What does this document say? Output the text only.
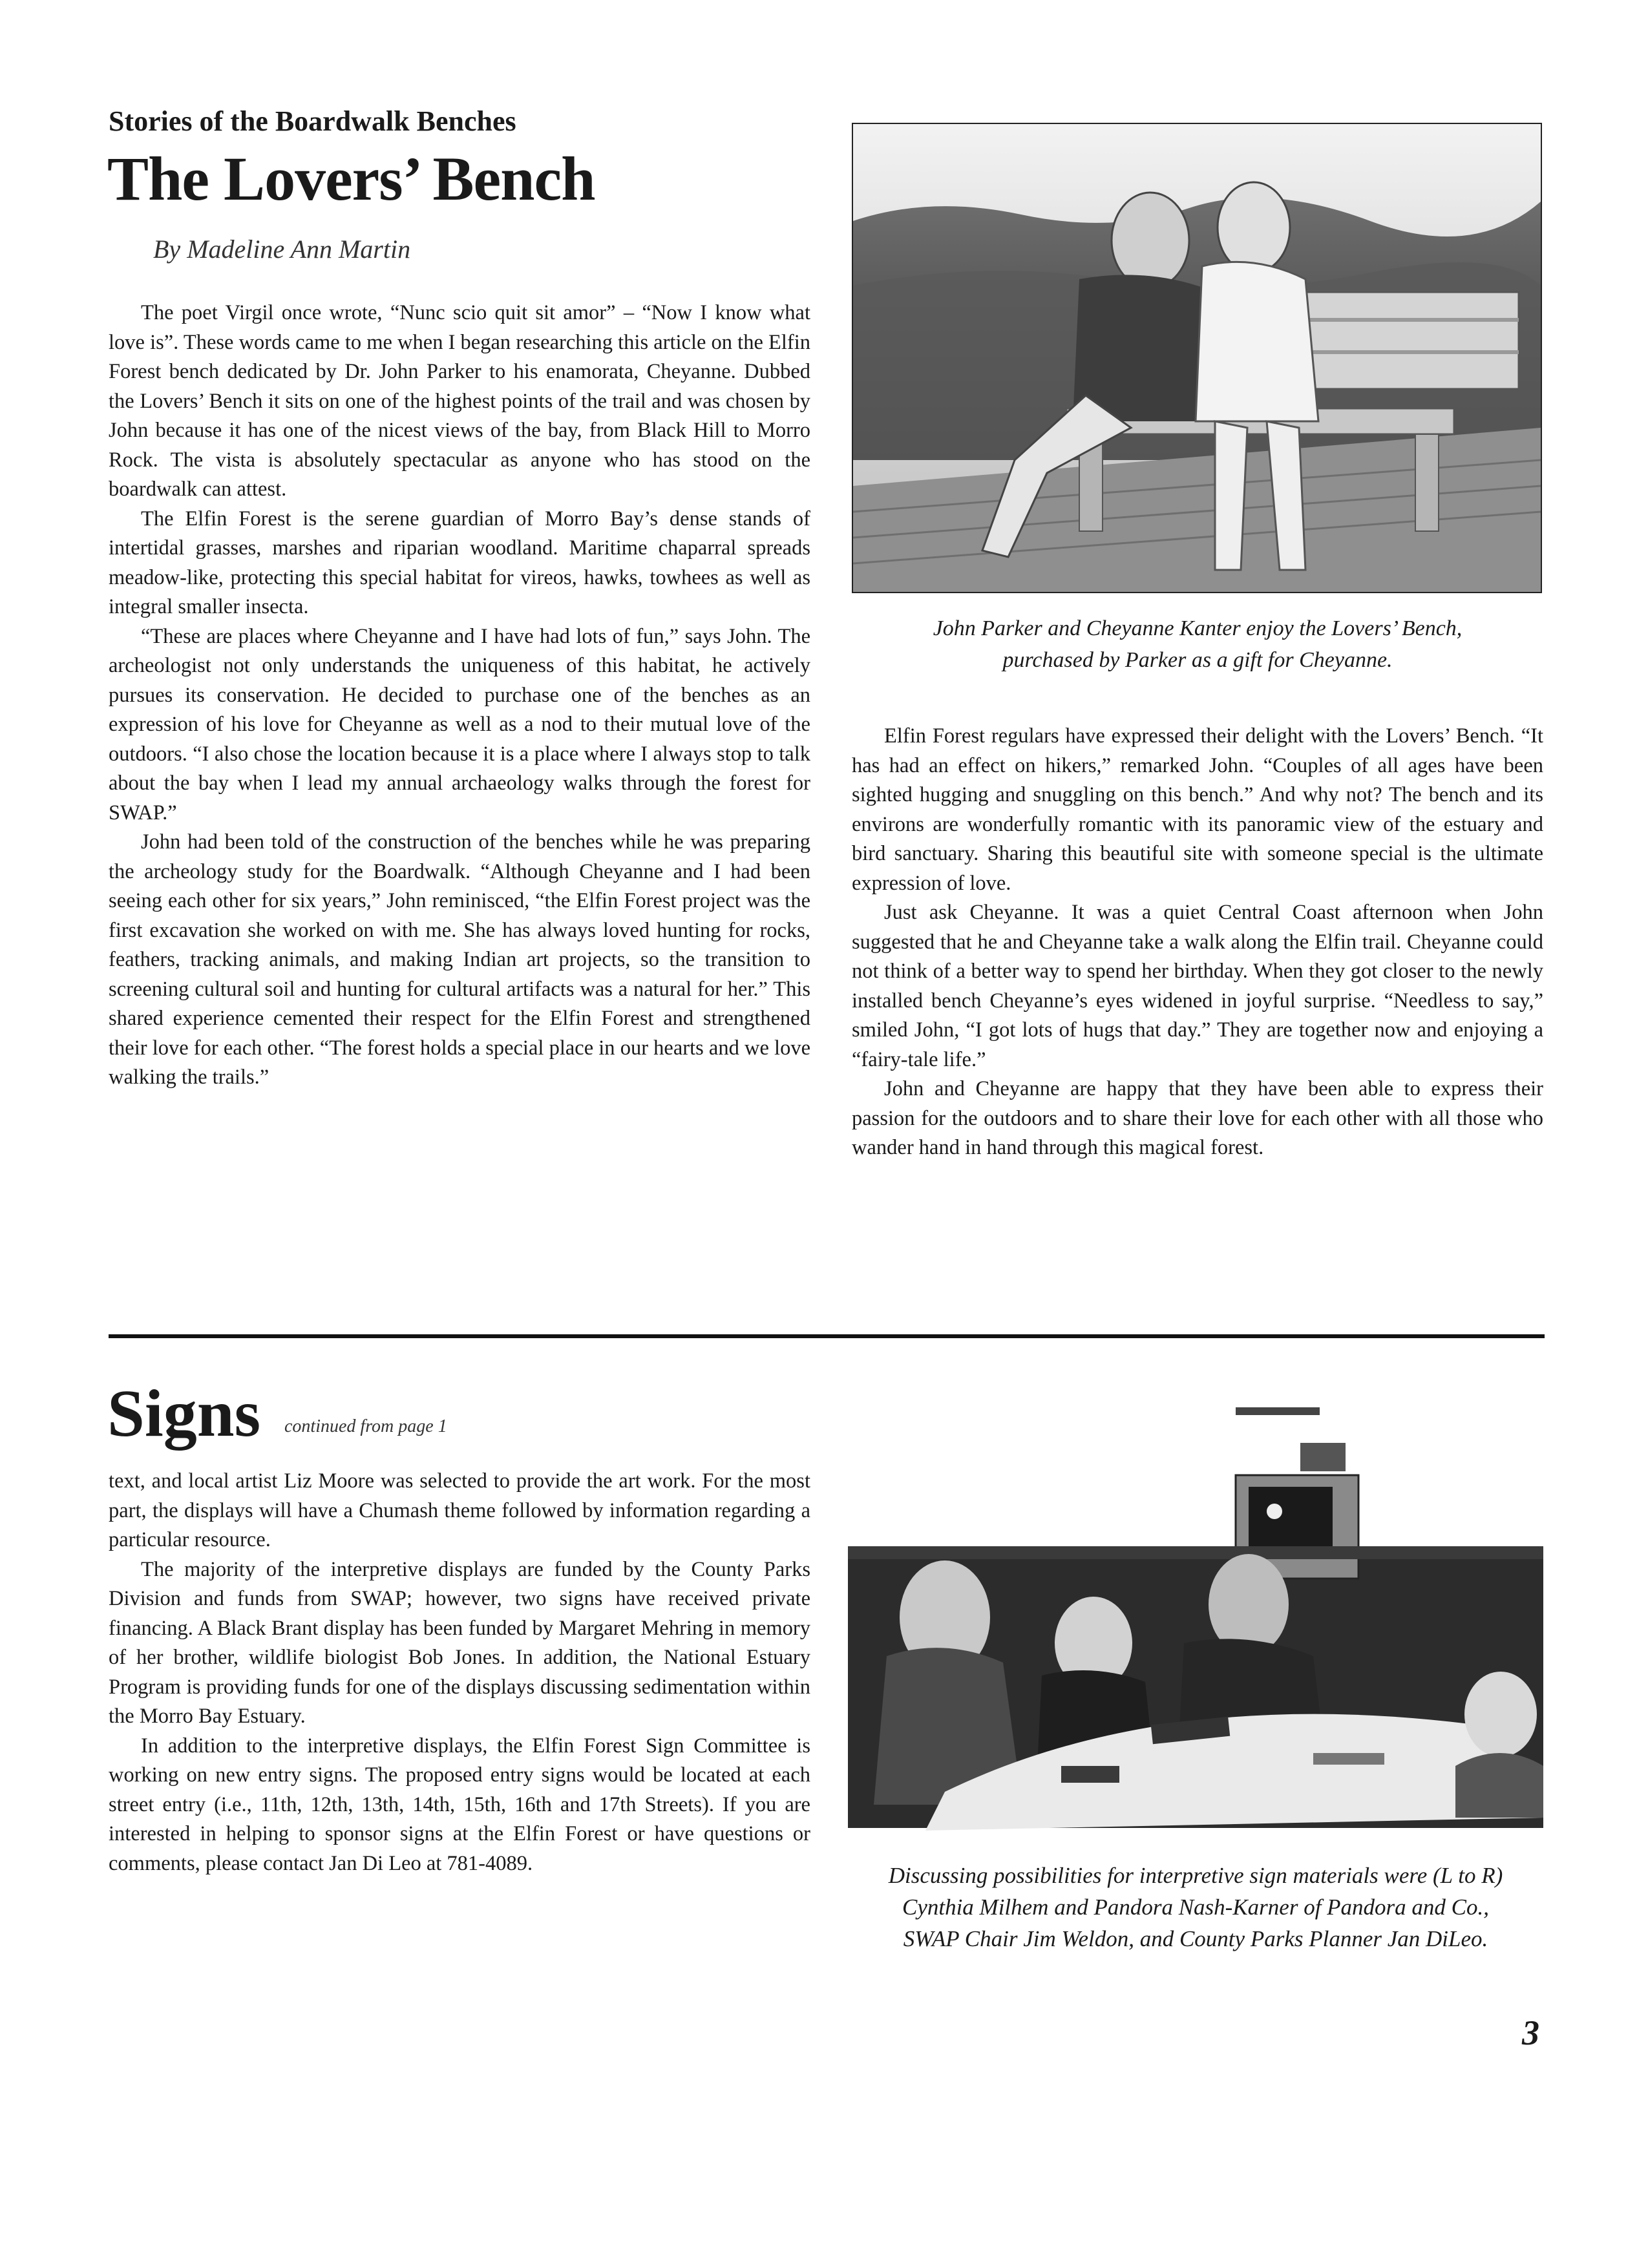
Stories of the Boardwalk Benches
The Lovers’ Bench
By Madeline Ann Martin

The poet Virgil once wrote, “Nunc scio quit sit amor” – “Now I know what love is”. These words came to me when I began researching this article on the Elfin Forest bench dedicated by Dr. John Parker to his enamorata, Cheyanne. Dubbed the Lovers’ Bench it sits on one of the highest points of the trail and was chosen by John because it has one of the nicest views of the bay, from Black Hill to Morro Rock. The vista is absolutely spectacular as anyone who has stood on the boardwalk can attest.

The Elfin Forest is the serene guardian of Morro Bay’s dense stands of intertidal grasses, marshes and riparian woodland. Maritime chaparral spreads meadow-like, protecting this special habitat for vireos, hawks, towhees as well as integral smaller insecta.

“These are places where Cheyanne and I have had lots of fun,” says John. The archeologist not only understands the uniqueness of this habitat, he actively pursues its conservation. He decided to purchase one of the benches as an expression of his love for Cheyanne as well as a nod to their mutual love of the outdoors. “I also chose the location because it is a place where I always stop to talk about the bay when I lead my annual archaeology walks through the forest for SWAP.”

John had been told of the construction of the benches while he was preparing the archeology study for the Boardwalk. “Although Cheyanne and I had been seeing each other for six years,” John reminisced, “the Elfin Forest project was the first excavation she worked on with me. She has always loved hunting for rocks, feathers, tracking animals, and making Indian art projects, so the transition to screening cultural soil and hunting for cultural artifacts was a natural for her.” This shared experience cemented their respect for the Elfin Forest and strengthened their love for each other. “The forest holds a special place in our hearts and we love walking the trails.”

John Parker and Cheyanne Kanter enjoy the Lovers’ Bench,
purchased by Parker as a gift for Cheyanne.

Elfin Forest regulars have expressed their delight with the Lovers’ Bench. “It has had an effect on hikers,” remarked John. “Couples of all ages have been sighted hugging and snuggling on this bench.” And why not? The bench and its environs are wonderfully romantic with its panoramic view of the estuary and bird sanctuary. Sharing this beautiful site with someone special is the ultimate expression of love.

Just ask Cheyanne. It was a quiet Central Coast afternoon when John suggested that he and Cheyanne take a walk along the Elfin trail. Cheyanne could not think of a better way to spend her birthday. When they got closer to the newly installed bench Cheyanne’s eyes widened in joyful surprise. “Needless to say,” smiled John, “I got lots of hugs that day.” They are together now and enjoying a “fairy-tale life.”

John and Cheyanne are happy that they have been able to express their passion for the outdoors and to share their love for each other with all those who wander hand in hand through this magical forest.

Signs	continued from page 1

text, and local artist Liz Moore was selected to provide the art work. For the most part, the displays will have a Chumash theme followed by information regarding a particular resource.

The majority of the interpretive displays are funded by the County Parks Division and funds from SWAP; however, two signs have received private financing. A Black Brant display has been funded by Margaret Mehring in memory of her brother, wildlife biologist Bob Jones. In addition, the National Estuary Program is providing funds for one of the displays discussing sedimentation within the Morro Bay Estuary.

In addition to the interpretive displays, the Elfin Forest Sign Committee is working on new entry signs. The proposed entry signs would be located at each street entry (i.e., 11th, 12th, 13th, 14th, 15th, 16th and 17th Streets). If you are interested in helping to sponsor signs at the Elfin Forest or have questions or comments, please contact Jan Di Leo at 781-4089.	Discussing possibilities for interpretive sign materials were (L to R)
Cynthia Milhem and Pandora Nash-Karner of Pandora and Co.,
SWAP Chair Jim Weldon, and County Parks Planner Jan DiLeo.
3
